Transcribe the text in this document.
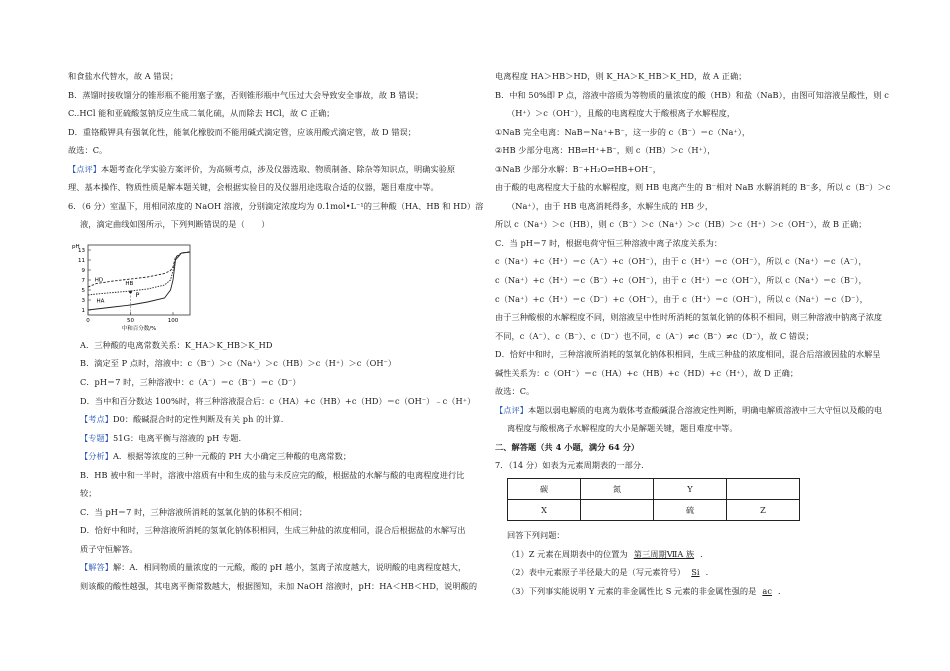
和食盐水代替水，故 A 错误；

B．蒸馏时接收馏分的锥形瓶不能用塞子塞，否则锥形瓶中气压过大会导致安全事故，故 B 错误；

C..HCl 能和亚硫酸氢钠反应生成二氧化硫，从而除去 HCl，故 C 正确；

D．重铬酸钾具有强氧化性，能氧化橡胶而不能用碱式滴定管，应该用酸式滴定管，故 D 错误；

故选：C。

【点评】本题考查化学实验方案评价，为高频考点，涉及仪器选取、物质制备、除杂等知识点，明确实验原

理、基本操作、物质性质是解本题关键，会根据实验目的及仪器用途选取合适的仪器，题目难度中等。

6．（6 分）室温下，用相同浓度的 NaOH 溶液，分别滴定浓度均为 0.1mol•L⁻¹的三种酸（HA、HB 和 HD）溶

液，滴定曲线如图所示，下列判断错误的是（　　）

1
3
5
7
9
11
13
0	50	100
pH
中和百分数/%
HD
HB
HA
P

A．三种酸的电离常数关系：K_HA＞K_HB＞K_HD

B．滴定至 P 点时，溶液中：c（B⁻）＞c（Na⁺）＞c（HB）＞c（H⁺）＞c（OH⁻）

C．pH＝7 时，三种溶液中：c（A⁻）＝c（B⁻）＝c（D⁻）

D．当中和百分数达 100%时，将三种溶液混合后：c（HA）+c（HB）+c（HD）＝c（OH⁻）﹣c（H⁺）

【考点】D0：酸碱混合时的定性判断及有关 ph 的计算.

【专题】51G：电离平衡与溶液的 pH 专题.

【分析】A．根据等浓度的三种一元酸的 PH 大小确定三种酸的电离常数；

B．HB 被中和一半时，溶液中溶质有中和生成的盐与未反应完的酸，根据盐的水解与酸的电离程度进行比

较；

C．当 pH＝7 时，三种溶液所消耗的氢氧化钠的体积不相同；

D．恰好中和时，三种溶液所消耗的氢氧化钠体积相同，生成三种盐的浓度相同，混合后根据盐的水解写出

质子守恒解答。

【解答】解：A．相同物质的量浓度的一元酸，酸的 pH 越小，氢离子浓度越大，说明酸的电离程度越大，

则该酸的酸性越强，其电离平衡常数越大，根据图知，未加 NaOH 溶液时，pH：HA＜HB＜HD，说明酸的

电离程度 HA＞HB＞HD，则 K_HA＞K_HB＞K_HD，故 A 正确；

B．中和 50%即 P 点，溶液中溶质为等物质的量浓度的酸（HB）和盐（NaB），由图可知溶液呈酸性，则 c

（H⁺）＞c（OH⁻），且酸的电离程度大于酸根离子水解程度，

①NaB 完全电离：NaB＝Na⁺+B⁻，这一步的 c（B⁻）＝c（Na⁺），

②HB 少部分电离：HB⇌H⁺+B⁻，则 c（HB）＞c（H⁺），

③NaB 少部分水解：B⁻+H₂O⇌HB+OH⁻，

由于酸的电离程度大于盐的水解程度，则 HB 电离产生的 B⁻相对 NaB 水解消耗的 B⁻多，所以 c（B⁻）＞c

（Na⁺），由于 HB 电离消耗得多，水解生成的 HB 少，

所以 c（Na⁺）＞c（HB），则 c（B⁻）＞c（Na⁺）＞c（HB）＞c（H⁺）＞c（OH⁻），故 B 正确；

C．当 pH＝7 时，根据电荷守恒三种溶液中离子浓度关系为：

c（Na⁺）+c（H⁺）＝c（A⁻）+c（OH⁻），由于 c（H⁺）＝c（OH⁻），所以 c（Na⁺）＝c（A⁻），

c（Na⁺）+c（H⁺）＝c（B⁻）+c（OH⁻），由于 c（H⁺）＝c（OH⁻），所以 c（Na⁺）＝c（B⁻），

c（Na⁺）+c（H⁺）＝c（D⁻）+c（OH⁻），由于 c（H⁺）＝c（OH⁻），所以 c（Na⁺）＝c（D⁻），

由于三种酸根的水解程度不同，则溶液呈中性时所消耗的氢氧化钠的体积不相同，则三种溶液中钠离子浓度

不同，c（A⁻）、c（B⁻）、c（D⁻）也不同，c（A⁻）≠c（B⁻）≠c（D⁻），故 C 错误；

D．恰好中和时，三种溶液所消耗的氢氧化钠体积相同，生成三种盐的浓度相同，混合后溶液因盐的水解呈

碱性关系为：c（OH⁻）＝c（HA）+c（HB）+c（HD）+c（H⁺），故 D 正确；

故选：C。

【点评】本题以弱电解质的电离为载体考查酸碱混合溶液定性判断，明确电解质溶液中三大守恒以及酸的电

离程度与酸根离子水解程度的大小是解题关键，题目难度中等。

二、解答题（共 4 小题，满分 64 分）

7．（14 分）如表为元素周期表的一部分.

碳	氮	Y	
X		硫	Z

回答下列问题：

（1）Z 元素在周期表中的位置为 第三周期ⅦA 族 ．

（2）表中元素原子半径最大的是（写元素符号） Si ．

（3）下列事实能说明 Y 元素的非金属性比 S 元素的非金属性强的是 ac ．
